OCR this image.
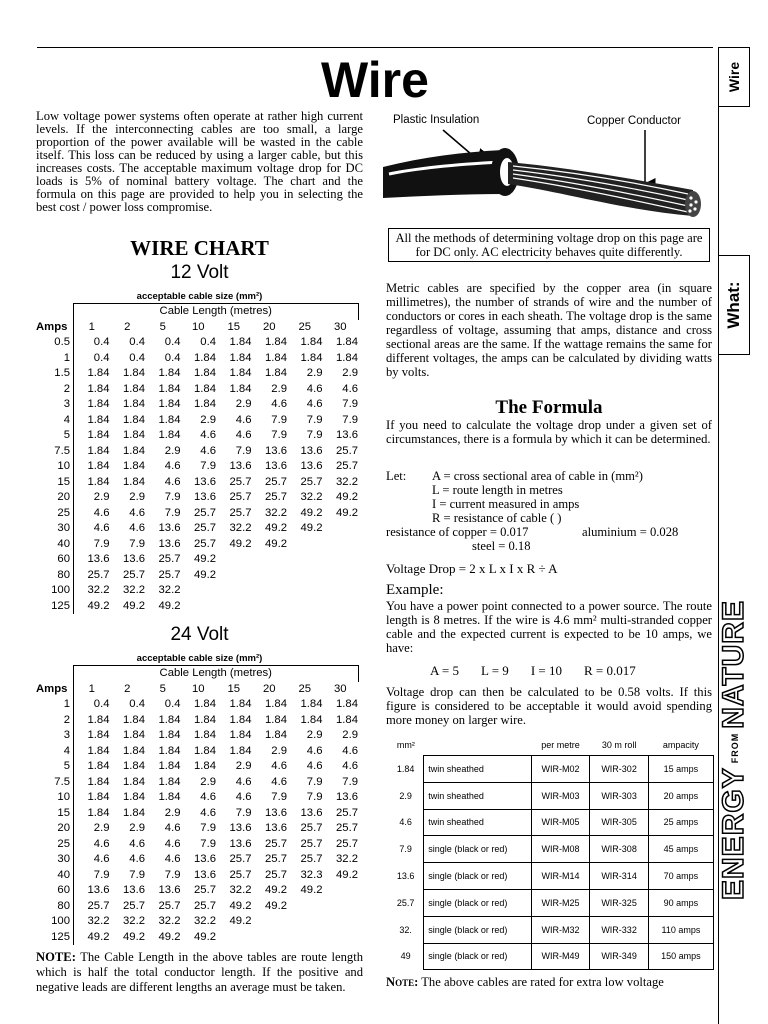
Wire
Low voltage power systems often operate at rather high current levels. If the interconnecting cables are too small, a large proportion of the power available will be wasted in the cable itself. This loss can be reduced by using a larger cable, but this increases costs. The acceptable maximum voltage drop for DC loads is 5% of nominal battery voltage. The chart and the formula on this page are provided to help you in selecting the best cost / power loss compromise.
WIRE CHART
12 Volt
acceptable cable size (mm²)
	Cable Length (metres)							
Amps	1	2	5	10	15	20	25	30
0.5	0.4	0.4	0.4	0.4	1.84	1.84	1.84	1.84
1	0.4	0.4	0.4	1.84	1.84	1.84	1.84	1.84
1.5	1.84	1.84	1.84	1.84	1.84	1.84	2.9	2.9
2	1.84	1.84	1.84	1.84	1.84	2.9	4.6	4.6
3	1.84	1.84	1.84	1.84	2.9	4.6	4.6	7.9
4	1.84	1.84	1.84	2.9	4.6	7.9	7.9	7.9
5	1.84	1.84	1.84	4.6	4.6	7.9	7.9	13.6
7.5	1.84	1.84	2.9	4.6	7.9	13.6	13.6	25.7
10	1.84	1.84	4.6	7.9	13.6	13.6	13.6	25.7
15	1.84	1.84	4.6	13.6	25.7	25.7	25.7	32.2
20	2.9	2.9	7.9	13.6	25.7	25.7	32.2	49.2
25	4.6	4.6	7.9	25.7	25.7	32.2	49.2	49.2
30	4.6	4.6	13.6	25.7	32.2	49.2	49.2	
40	7.9	7.9	13.6	25.7	49.2	49.2		
60	13.6	13.6	25.7	49.2				
80	25.7	25.7	25.7	49.2				
100	32.2	32.2	32.2					
125	49.2	49.2	49.2					
24 Volt
acceptable cable size (mm²)
	Cable Length (metres)							
Amps	1	2	5	10	15	20	25	30
1	0.4	0.4	0.4	1.84	1.84	1.84	1.84	1.84
2	1.84	1.84	1.84	1.84	1.84	1.84	1.84	1.84
3	1.84	1.84	1.84	1.84	1.84	1.84	2.9	2.9
4	1.84	1.84	1.84	1.84	1.84	2.9	4.6	4.6
5	1.84	1.84	1.84	1.84	2.9	4.6	4.6	4.6
7.5	1.84	1.84	1.84	2.9	4.6	4.6	7.9	7.9
10	1.84	1.84	1.84	4.6	4.6	7.9	7.9	13.6
15	1.84	1.84	2.9	4.6	7.9	13.6	13.6	25.7
20	2.9	2.9	4.6	7.9	13.6	13.6	25.7	25.7
25	4.6	4.6	4.6	7.9	13.6	25.7	25.7	25.7
30	4.6	4.6	4.6	13.6	25.7	25.7	25.7	32.2
40	7.9	7.9	7.9	13.6	25.7	25.7	32.3	49.2
60	13.6	13.6	13.6	25.7	32.2	49.2	49.2	
80	25.7	25.7	25.7	25.7	49.2	49.2		
100	32.2	32.2	32.2	32.2	49.2			
125	49.2	49.2	49.2	49.2				
NOTE: The Cable Length in the above tables are route length which is half the total conductor length. If the positive and negative leads are different lengths an average must be taken.
Plastic Insulation	Copper Conductor
All the methods of determining voltage drop on this page are for DC only. AC electricity behaves quite differently.
Metric cables are specified by the copper area (in square millimetres), the number of strands of wire and the number of conductors or cores in each sheath. The voltage drop is the same regardless of voltage, assuming that amps, distance and cross sectional areas are the same. If the wattage remains the same for different voltages, the amps can be calculated by dividing watts by volts.
The Formula
If you need to calculate the voltage drop under a given set of circumstances, there is a formula by which it can be determined.
Let: A = cross sectional area of cable in (mm²)
L = route length in metres
I = current measured in amps
R = resistance of cable ( )
resistance of copper = 0.017	aluminium = 0.028
steel = 0.18
Voltage Drop = 2 x L x I x R ÷ A
Example:
You have a power point connected to a power source. The route length is 8 metres. If the wire is 4.6 mm² multi-stranded copper cable and the expected current is expected to be 10 amps, we have:
A = 5 L = 9 I = 10 R = 0.017
Voltage drop can then be calculated to be 0.58 volts. If this figure is considered to be acceptable it would avoid spending more money on larger wire.
mm²		per metre	30 m roll	ampacity
1.84	twin sheathed	WIR-M02	WIR-302	15 amps
2.9	twin sheathed	WIR-M03	WIR-303	20 amps
4.6	twin sheathed	WIR-M05	WIR-305	25 amps
7.9	single (black or red)	WIR-M08	WIR-308	45 amps
13.6	single (black or red)	WIR-M14	WIR-314	70 amps
25.7	single (black or red)	WIR-M25	WIR-325	90 amps
32.	single (black or red)	WIR-M32	WIR-332	110 amps
49	single (black or red)	WIR-M49	WIR-349	150 amps
Note: The above cables are rated for extra low voltage
Wire
What:
ENERGYFROMNATURE
